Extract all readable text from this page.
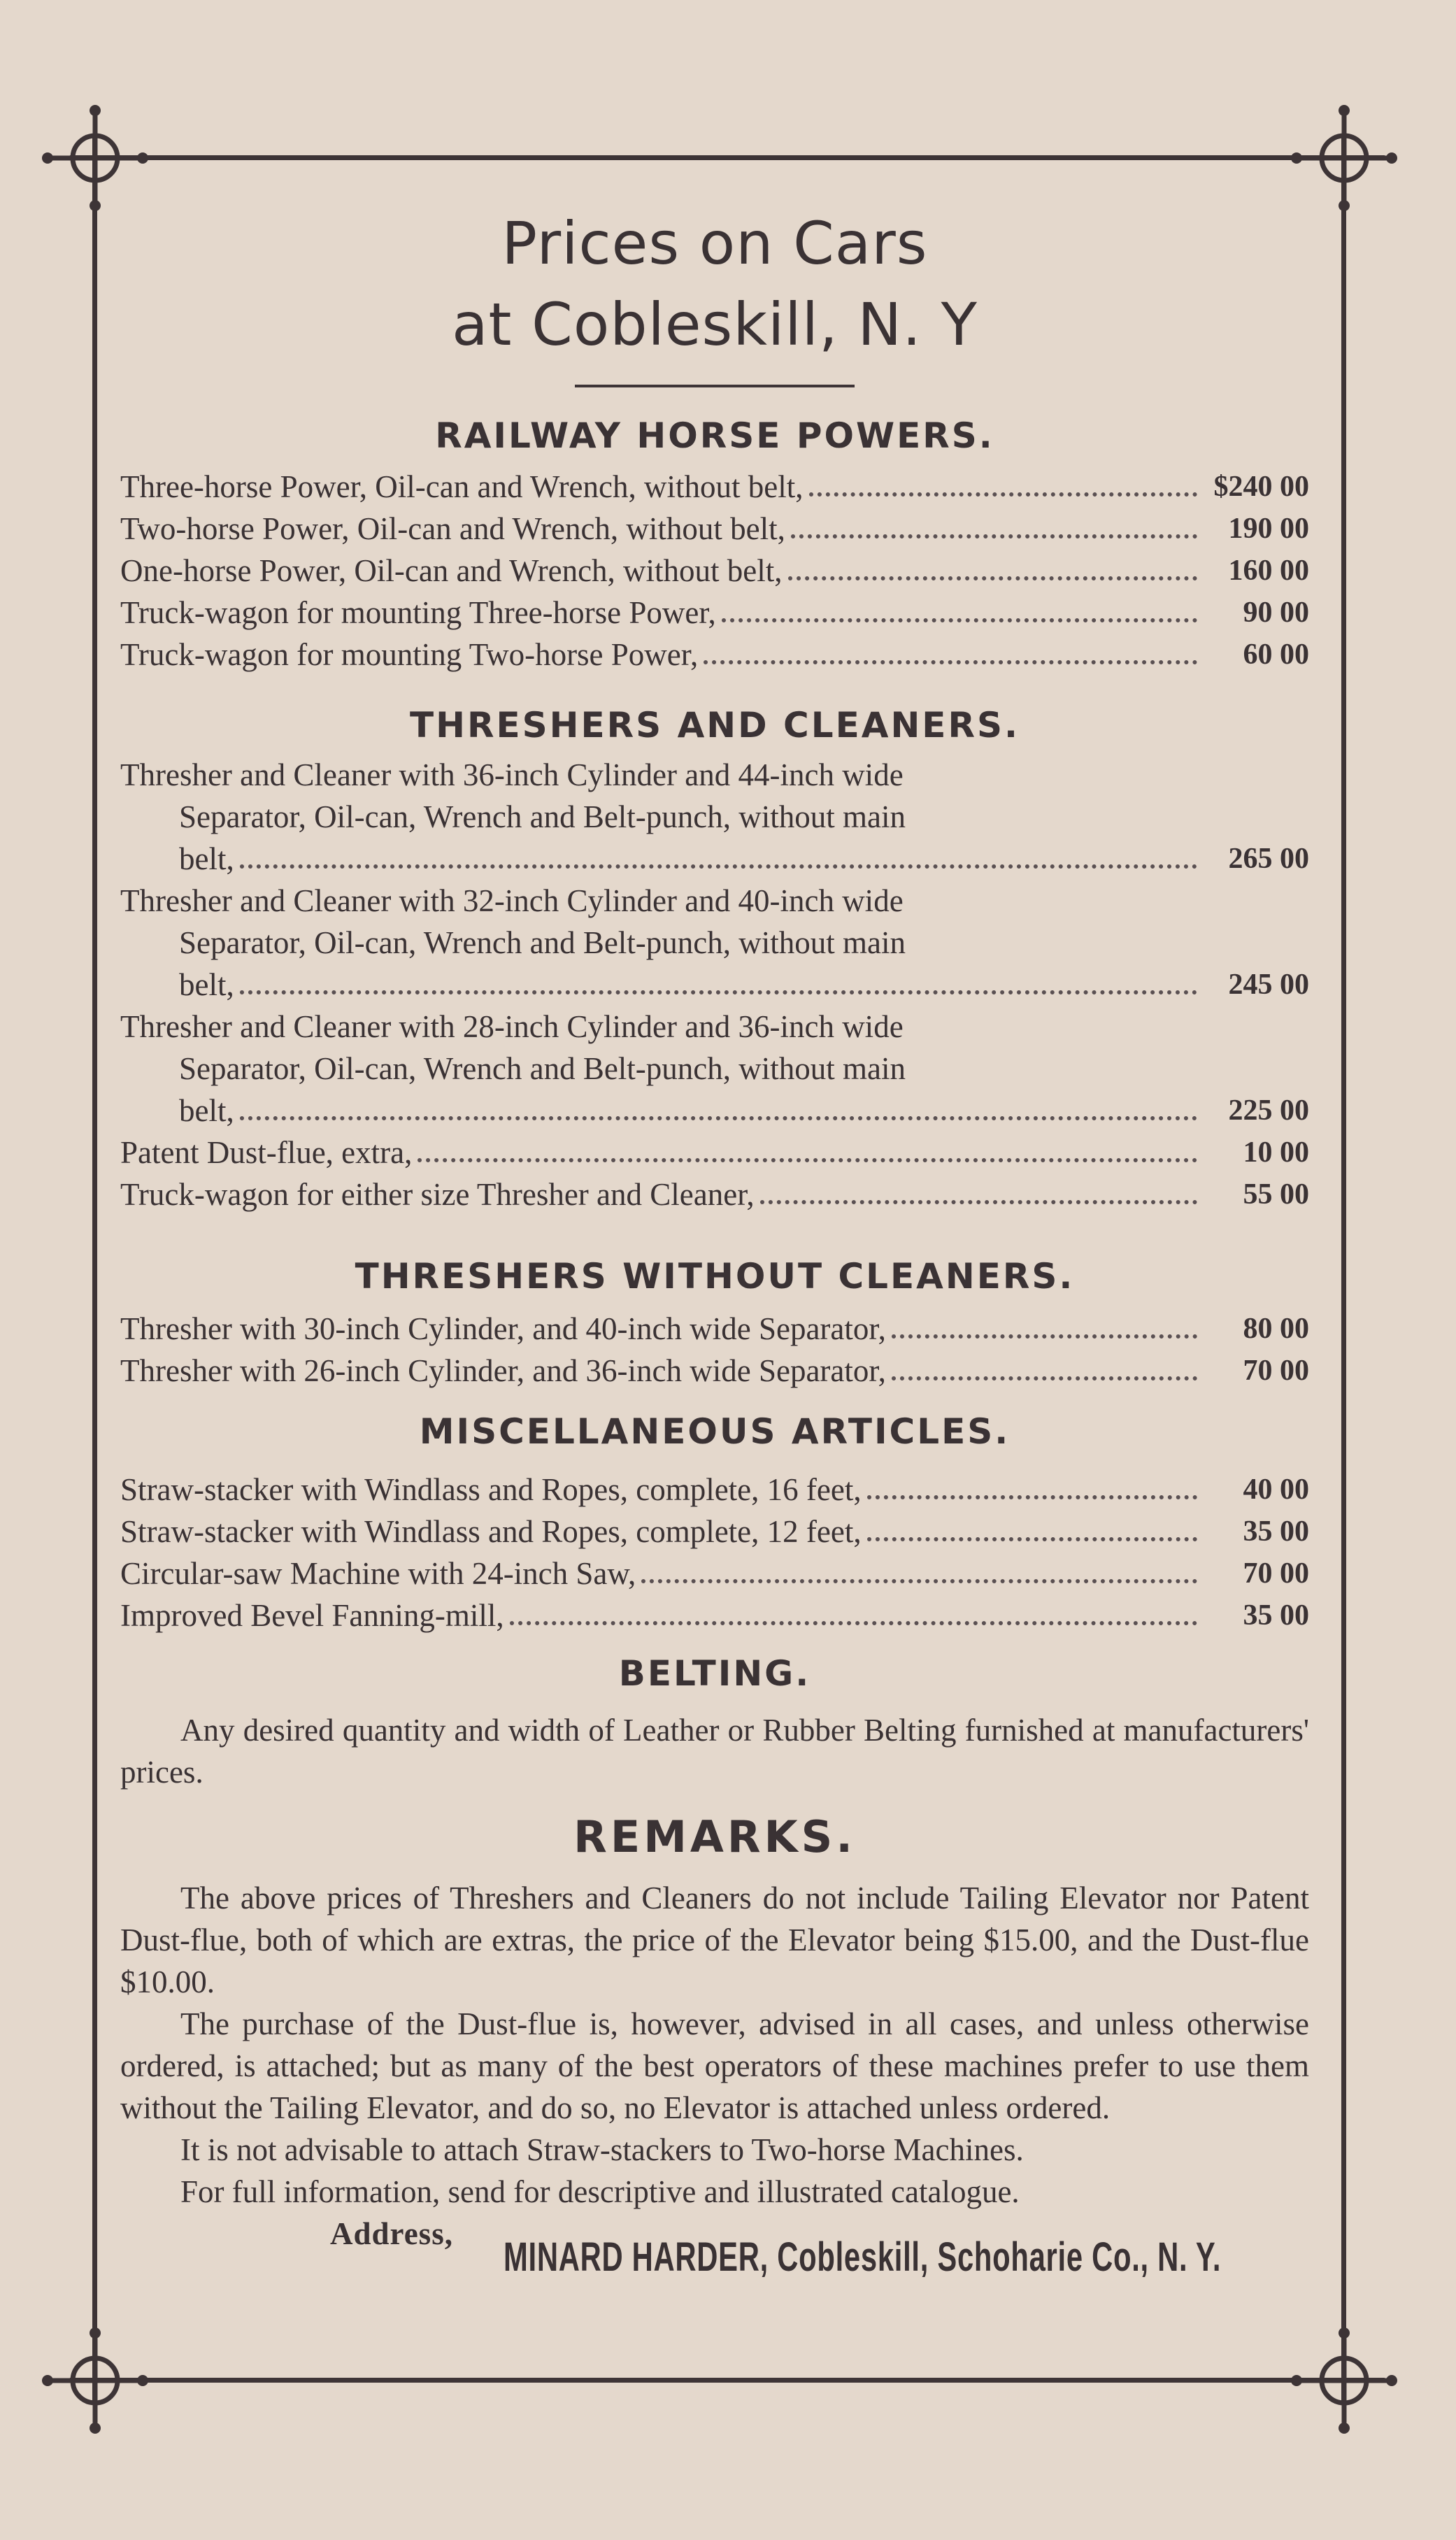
Prices on Cars
at Cobleskill, N. Y
RAILWAY HORSE POWERS.
Three-horse Power, Oil-can and Wrench, without belt,	$240 00
Two-horse Power, Oil-can and Wrench, without belt,	190 00
One-horse Power, Oil-can and Wrench, without belt,	160 00
Truck-wagon for mounting Three-horse Power,	90 00
Truck-wagon for mounting Two-horse Power,	60 00
THRESHERS AND CLEANERS.
Thresher and Cleaner with 36-inch Cylinder and 44-inch wide
Separator, Oil-can, Wrench and Belt-punch, without main
belt,	265 00
Thresher and Cleaner with 32-inch Cylinder and 40-inch wide
Separator, Oil-can, Wrench and Belt-punch, without main
belt,	245 00
Thresher and Cleaner with 28-inch Cylinder and 36-inch wide
Separator, Oil-can, Wrench and Belt-punch, without main
belt,	225 00
Patent Dust-flue, extra,	10 00
Truck-wagon for either size Thresher and Cleaner,	55 00
THRESHERS WITHOUT CLEANERS.
Thresher with 30-inch Cylinder, and 40-inch wide Separator,	80 00
Thresher with 26-inch Cylinder, and 36-inch wide Separator,	70 00
MISCELLANEOUS ARTICLES.
Straw-stacker with Windlass and Ropes, complete, 16 feet,	40 00
Straw-stacker with Windlass and Ropes, complete, 12 feet,	35 00
Circular-saw Machine with 24-inch Saw,	70 00
Improved Bevel Fanning-mill,	35 00
BELTING.

Any desired quantity and width of Leather or Rubber Belting furnished at manufacturers' prices.

REMARKS.

The above prices of Threshers and Cleaners do not include Tailing Elevator nor Patent Dust-flue, both of which are extras, the price of the Elevator being $15.00, and the Dust-flue $10.00.

The purchase of the Dust-flue is, however, advised in all cases, and unless otherwise ordered, is attached; but as many of the best operators of these machines prefer to use them without the Tailing Elevator, and do so, no Elevator is attached unless ordered.

It is not advisable to attach Straw-stackers to Two-horse Machines.

For full information, send for descriptive and illustrated catalogue.

Address,
MINARD HARDER, Cobleskill, Schoharie Co., N. Y.
